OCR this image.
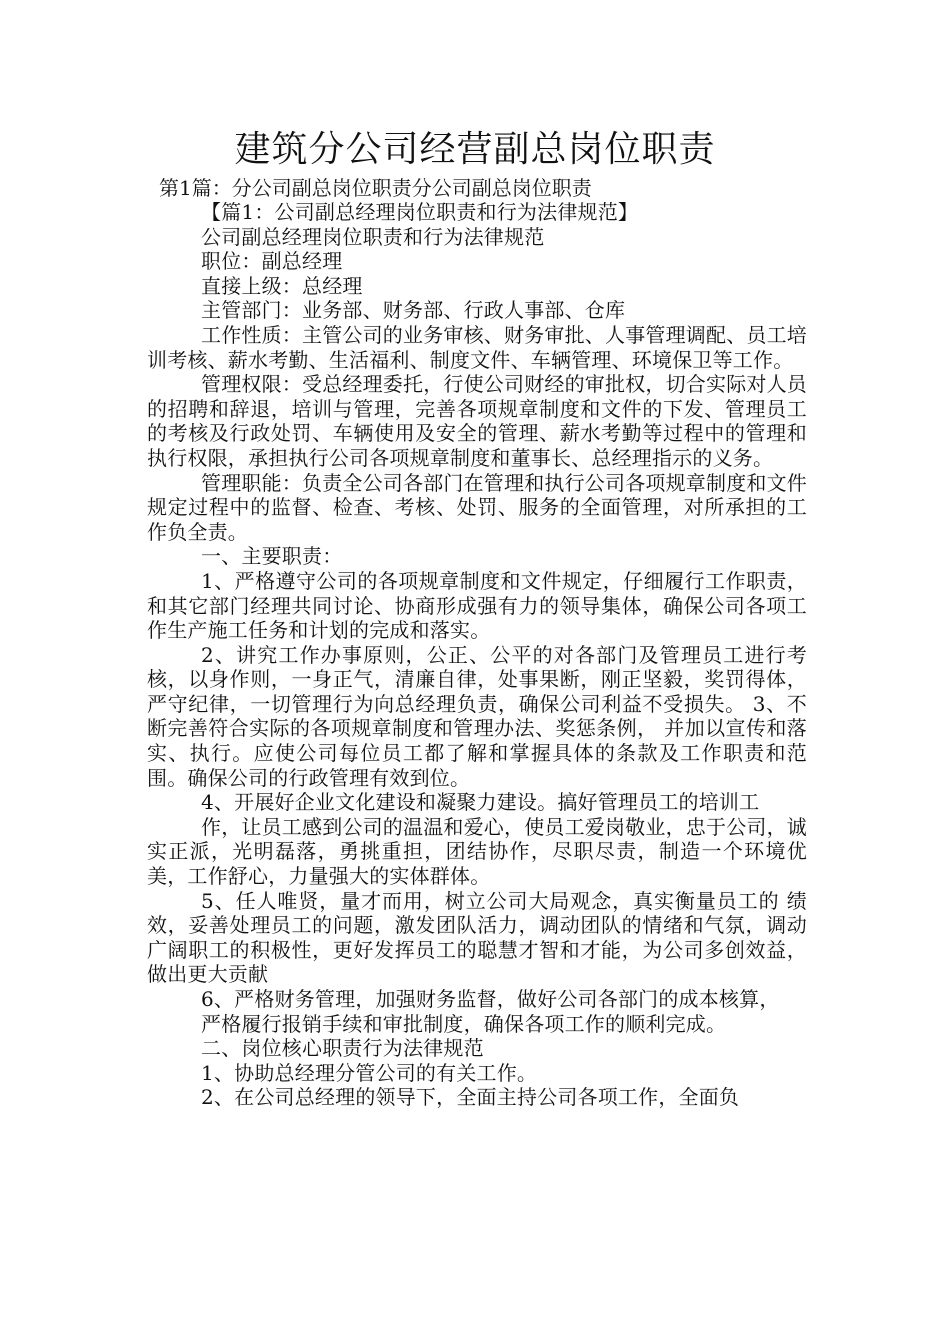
建筑分公司经营副总岗位职责
第1篇：分公司副总岗位职责分公司副总岗位职责

【篇1：公司副总经理岗位职责和行为法律规范】

公司副总经理岗位职责和行为法律规范

职位：副总经理

直接上级：总经理

主管部门：业务部、财务部、行政人事部、仓库

工作性质：主管公司的业务审核、财务审批、人事管理调配、员工培训考核、薪水考勤、生活福利、制度文件、车辆管理、环境保卫等工作。

管理权限：受总经理委托，行使公司财经的审批权，切合实际对人员的招聘和辞退，培训与管理，完善各项规章制度和文件的下发、管理员工的考核及行政处罚、车辆使用及安全的管理、薪水考勤等过程中的管理和执行权限，承担执行公司各项规章制度和董事长、总经理指示的义务。

管理职能：负责全公司各部门在管理和执行公司各项规章制度和文件规定过程中的监督、检查、考核、处罚、服务的全面管理，对所承担的工作负全责。

一、主要职责：

1、严格遵守公司的各项规章制度和文件规定，仔细履行工作职责，和其它部门经理共同讨论、协商形成强有力的领导集体，确保公司各项工作生产施工任务和计划的完成和落实。

2、讲究工作办事原则，公正、公平的对各部门及管理员工进行考核，以身作则，一身正气，清廉自律，处事果断，刚正坚毅，奖罚得体，严守纪律，一切管理行为向总经理负责，确保公司利益不受损失。 3、不断完善符合实际的各项规章制度和管理办法、奖惩条例， 并加以宣传和落实、执行。应使公司每位员工都了解和掌握具体的条款及工作职责和范围。确保公司的行政管理有效到位。

4、开展好企业文化建设和凝聚力建设。搞好管理员工的培训工

作，让员工感到公司的温温和爱心，使员工爱岗敬业，忠于公司，诚实正派，光明磊落，勇挑重担，团结协作，尽职尽责，制造一个环境优美，工作舒心，力量强大的实体群体。

5、任人唯贤，量才而用，树立公司大局观念，真实衡量员工的 绩效，妥善处理员工的问题，激发团队活力，调动团队的情绪和气氛，调动广阔职工的积极性，更好发挥员工的聪慧才智和才能，为公司多创效益，做出更大贡献

6、严格财务管理，加强财务监督，做好公司各部门的成本核算，

严格履行报销手续和审批制度，确保各项工作的顺利完成。

二、岗位核心职责行为法律规范

1、协助总经理分管公司的有关工作。

2、在公司总经理的领导下，全面主持公司各项工作，全面负
